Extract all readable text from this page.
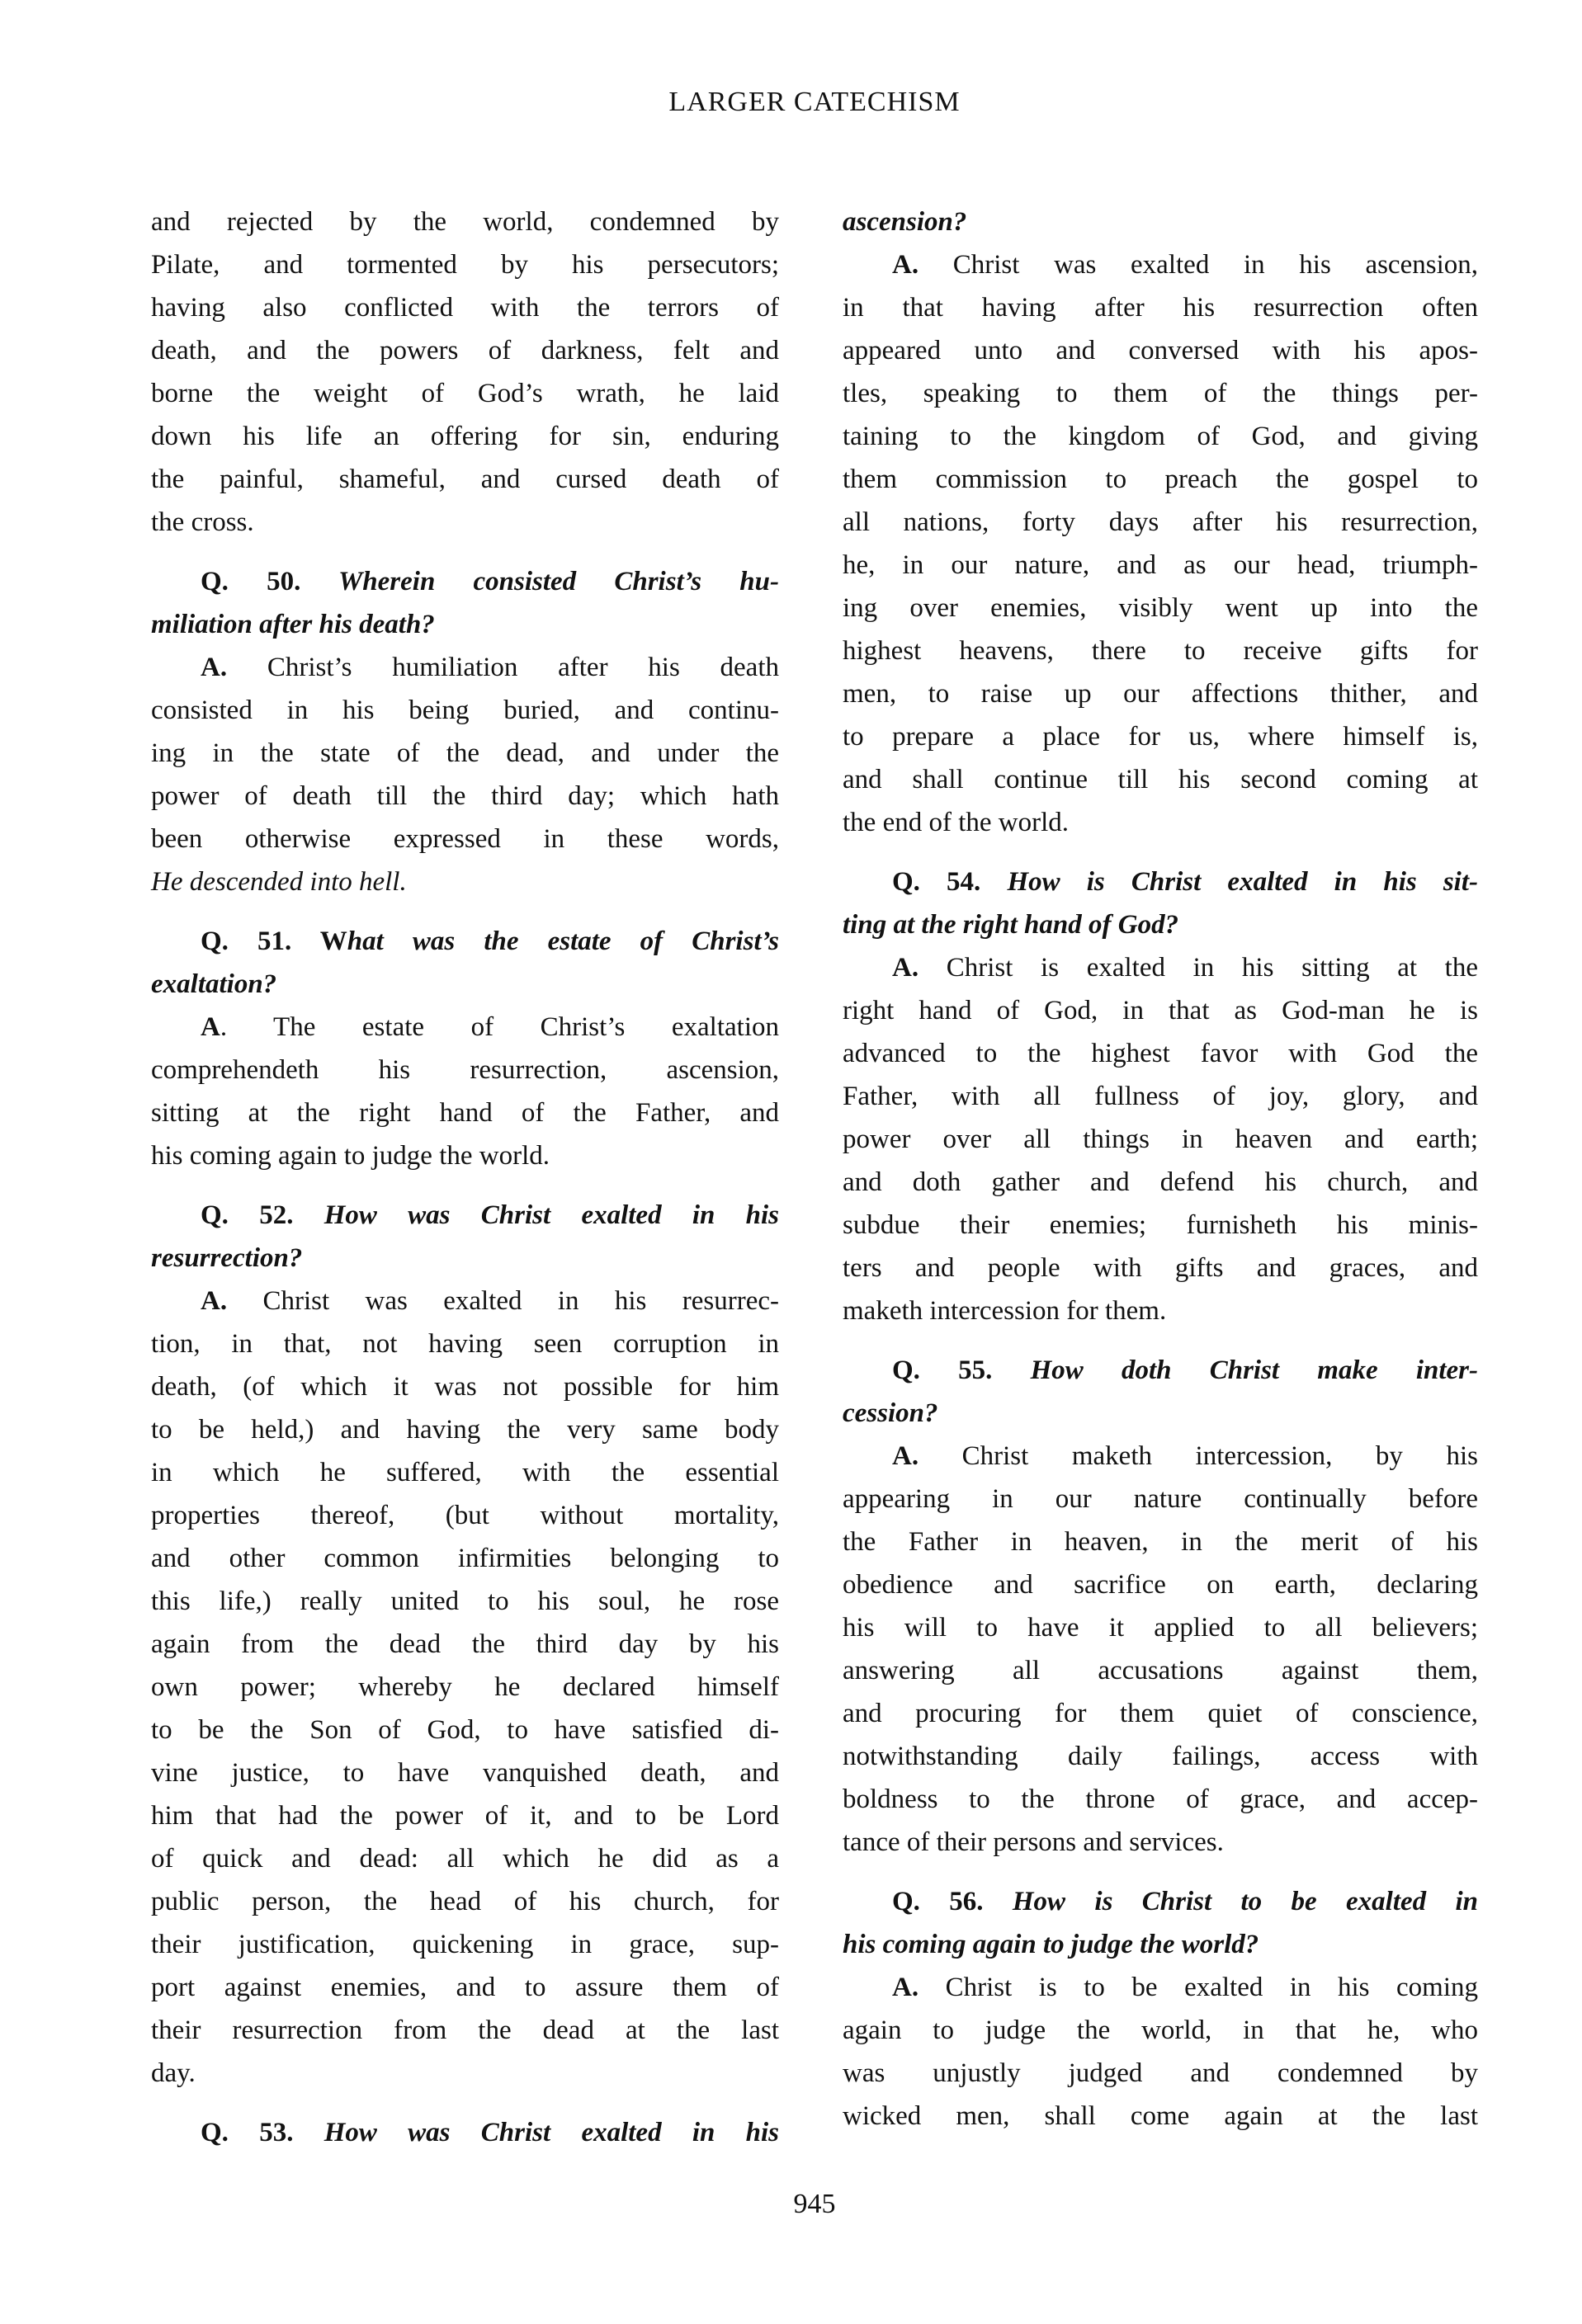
LARGER CATECHISM
and rejected by the world, condemned by
Pilate, and tormented by his persecutors;
having also conflicted with the terrors of
death, and the powers of darkness, felt and
borne the weight of God’s wrath, he laid
down his life an offering for sin, enduring
the painful, shameful, and cursed death of
the cross.
Q. 50. Wherein consisted Christ’s hu-
miliation after his death?
A. Christ’s humiliation after his death
consisted in his being buried, and continu-
ing in the state of the dead, and under the
power of death till the third day; which hath
been otherwise expressed in these words,
He descended into hell.
Q. 51. What was the estate of Christ’s
exaltation?
A. The estate of Christ’s exaltation
comprehendeth his resurrection, ascension,
sitting at the right hand of the Father, and
his coming again to judge the world.
Q. 52. How was Christ exalted in his
resurrection?
A. Christ was exalted in his resurrec-
tion, in that, not having seen corruption in
death, (of which it was not possible for him
to be held,) and having the very same body
in which he suffered, with the essential
properties thereof, (but without mortality,
and other common infirmities belonging to
this life,) really united to his soul, he rose
again from the dead the third day by his
own power; whereby he declared himself
to be the Son of God, to have satisfied di-
vine justice, to have vanquished death, and
him that had the power of it, and to be Lord
of quick and dead: all which he did as a
public person, the head of his church, for
their justification, quickening in grace, sup-
port against enemies, and to assure them of
their resurrection from the dead at the last
day.
Q. 53. How was Christ exalted in his
ascension?
A. Christ was exalted in his ascension,
in that having after his resurrection often
appeared unto and conversed with his apos-
tles, speaking to them of the things per-
taining to the kingdom of God, and giving
them commission to preach the gospel to
all nations, forty days after his resurrection,
he, in our nature, and as our head, triumph-
ing over enemies, visibly went up into the
highest heavens, there to receive gifts for
men, to raise up our affections thither, and
to prepare a place for us, where himself is,
and shall continue till his second coming at
the end of the world.
Q. 54. How is Christ exalted in his sit-
ting at the right hand of God?
A. Christ is exalted in his sitting at the
right hand of God, in that as God-man he is
advanced to the highest favor with God the
Father, with all fullness of joy, glory, and
power over all things in heaven and earth;
and doth gather and defend his church, and
subdue their enemies; furnisheth his minis-
ters and people with gifts and graces, and
maketh intercession for them.
Q. 55. How doth Christ make inter-
cession?
A. Christ maketh intercession, by his
appearing in our nature continually before
the Father in heaven, in the merit of his
obedience and sacrifice on earth, declaring
his will to have it applied to all believers;
answering all accusations against them,
and procuring for them quiet of conscience,
notwithstanding daily failings, access with
boldness to the throne of grace, and accep-
tance of their persons and services.
Q. 56. How is Christ to be exalted in
his coming again to judge the world?
A. Christ is to be exalted in his coming
again to judge the world, in that he, who
was unjustly judged and condemned by
wicked men, shall come again at the last
945
